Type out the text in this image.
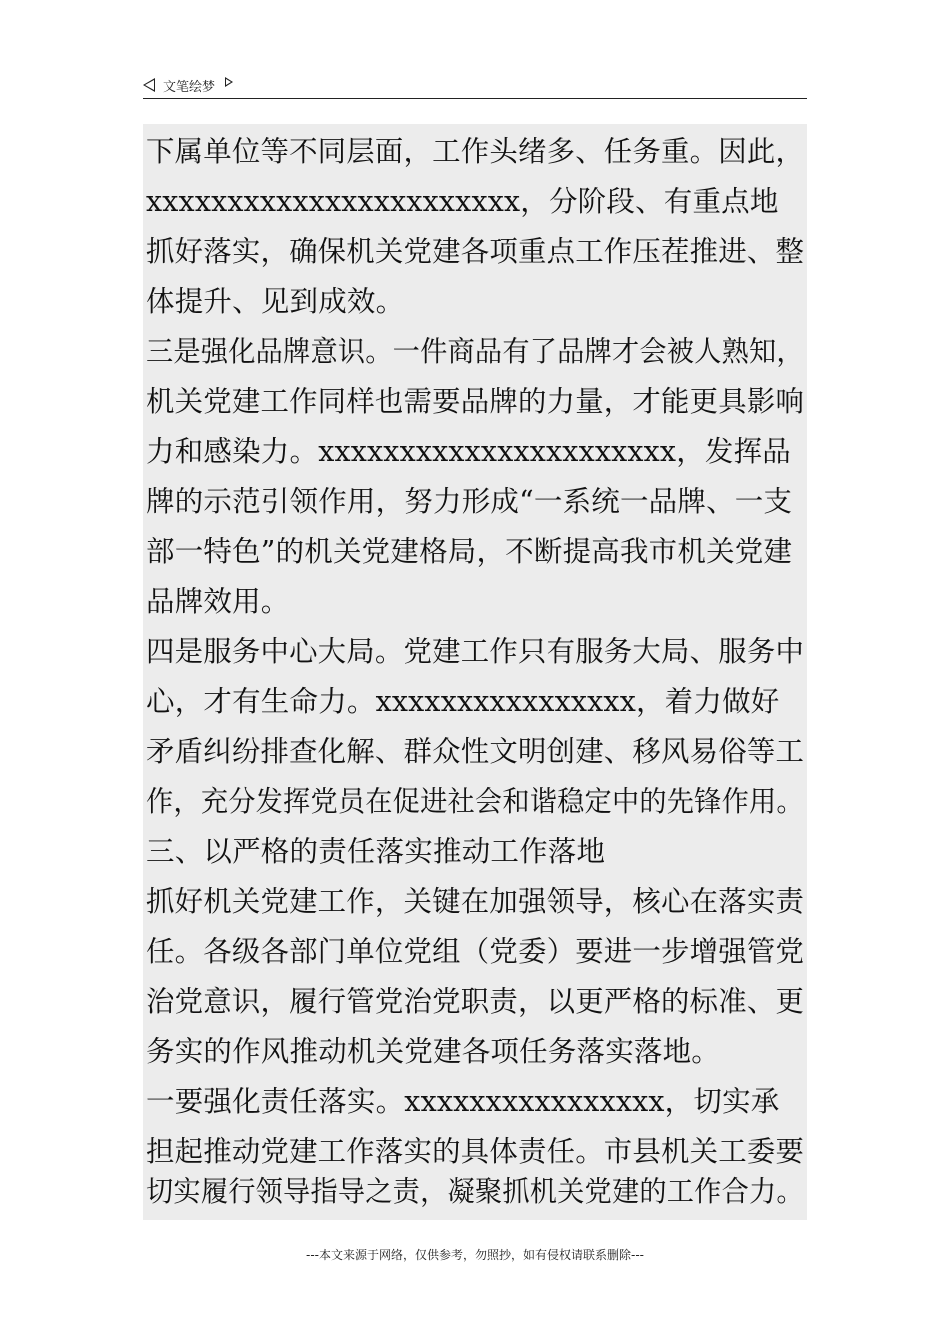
文笔绘梦
下属单位等不同层面，工作头绪多、任务重。因此，
xxxxxxxxxxxxxxxxxxxxxxx，分阶段、有重点地
抓好落实，确保机关党建各项重点工作压茬推进、整
体提升、见到成效。
三是强化品牌意识。一件商品有了品牌才会被人熟知，
机关党建工作同样也需要品牌的力量，才能更具影响
力和感染力。xxxxxxxxxxxxxxxxxxxxxx，发挥品
牌的示范引领作用，努力形成“一系统一品牌、一支
部一特色”的机关党建格局，不断提高我市机关党建
品牌效用。
四是服务中心大局。党建工作只有服务大局、服务中
心，才有生命力。xxxxxxxxxxxxxxxx，着力做好
矛盾纠纷排查化解、群众性文明创建、移风易俗等工
作，充分发挥党员在促进社会和谐稳定中的先锋作用。
三、以严格的责任落实推动工作落地
抓好机关党建工作，关键在加强领导，核心在落实责
任。各级各部门单位党组（党委）要进一步增强管党
治党意识，履行管党治党职责，以更严格的标准、更
务实的作风推动机关党建各项任务落实落地。
一要强化责任落实。xxxxxxxxxxxxxxxx，切实承
担起推动党建工作落实的具体责任。市县机关工委要
切实履行领导指导之责，凝聚抓机关党建的工作合力。
---本文来源于网络，仅供参考，勿照抄，如有侵权请联系删除---
